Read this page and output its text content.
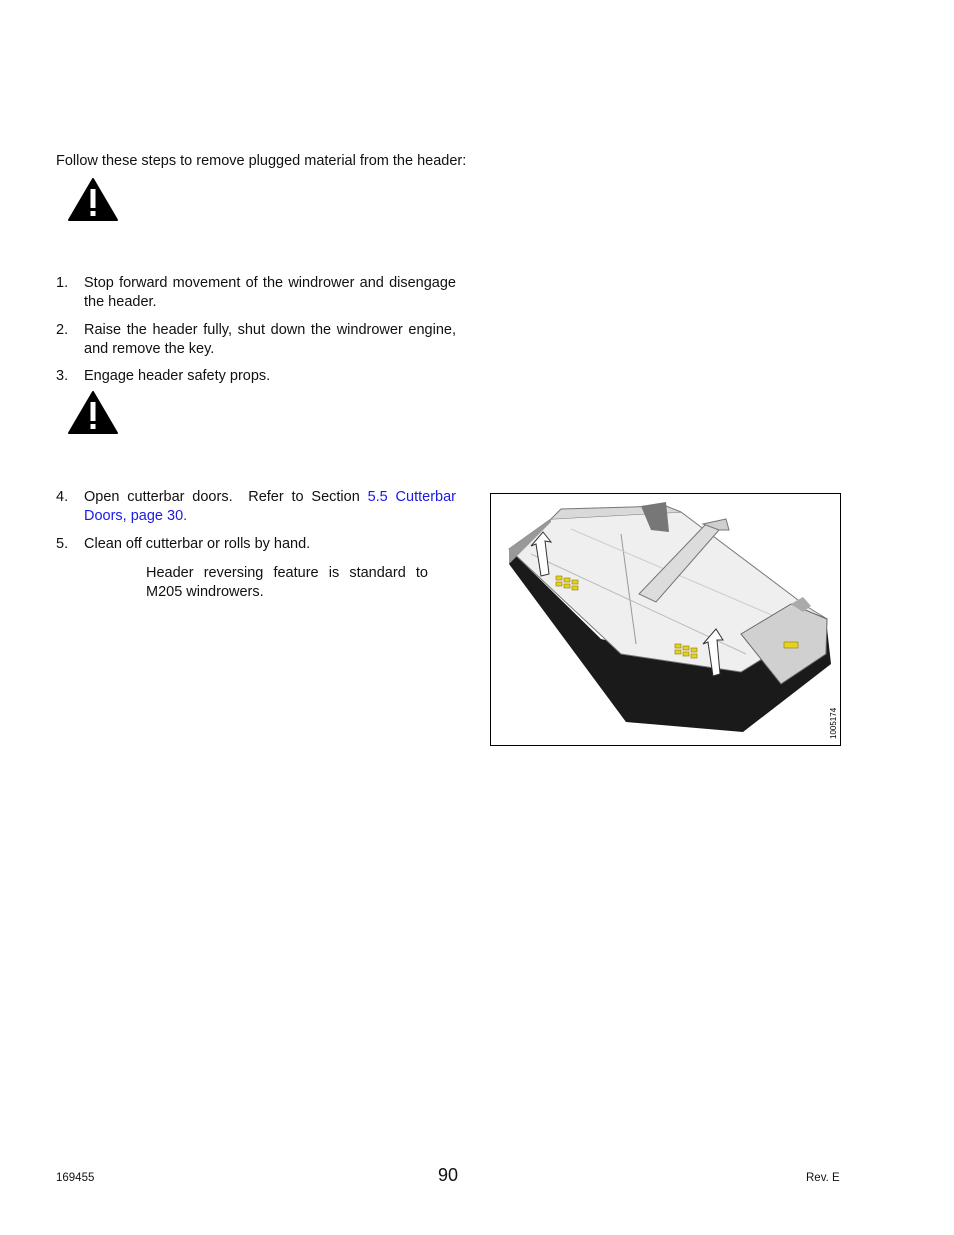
Follow these steps to remove plugged material from the header:
1.	Stop forward movement of the windrower and disengage the header.
2.	Raise the header fully, shut down the windrower engine, and remove the key.
3.	Engage header safety props.
4.	Open cutterbar doors. Refer to Section 5.5 Cutterbar Doors, page 30.
5.	Clean off cutterbar or rolls by hand.
Header reversing feature is standard to M205 windrowers.
1005174
169455	90	Rev. E
